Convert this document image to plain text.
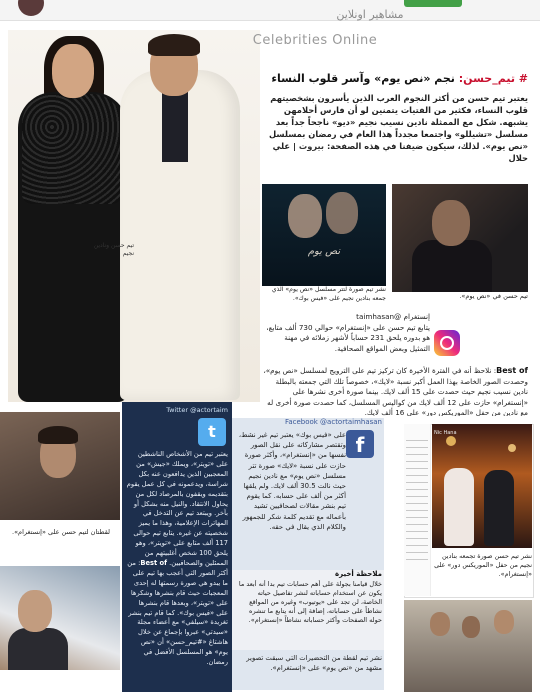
تيم حسن ونادين نجيم
مشاهير اونلاين
Celebrities Online
# تيم_حسن: نجم «نص يوم» وآسر قلوب النساء
يعتبر تيم حسن من أكثر النجوم العرب الذين يأسرون بشخصيتهم قلوب النساء، فكثير من الفتيات يتمنين لو أن فارس أحلامهن يشبهه. شكل مع الممثلة نادين نسيب نجيم «ديو» ناجحاً جداً بعد مسلسل «تشيللو» واجتمعا مجدداً هذا العام في رمضان بمسلسل «نص يوم». لذلك، سيكون ضيفنا في هذه الصفحة: بيروت | علي حلال
نص يوم
تيم حسن في «نص يوم».
نشر تيم صورة لتتر مسلسل «نص يوم» الذي جمعه بنادين نجيم على «فيس بوك».
إنستغرام @taimhasan
يتابع تيم حسن على «إنستغرام» حوالي 730 ألف متابع، هو بدوره يلحق 231 حساباً لأشهر زملائه في مهنة التمثيل وبعض المواقع الصحافية.
Best of: نلاحظ أنه في الفترة الأخيرة كان تركيز تيم على الترويج لمسلسل «نص يوم»، وحصدت الصور الخاصة بهذا العمل أكبر نسبة «لايك»، خصوصاً تلك التي جمعته بالبطلة نادين نسيب نجيم حيث حصدت على 15 ألف لايك. بينما صورة أخرى نشرها على «إنستغرام» حازت على 12 ألف لايك من كواليس المسلسل، كما حصدت صورة أخرى له مع نادين من حفل «الموريكس دور» على 16 ألف لايك.
Facebook @actortaimhasan
f
على «فيس بوك» يعتبر تيم غير نشط، وتقتصر مشاركاته على نقل الصور نفسها من «إنستغرام»، وأكثر صورة حازت على نسبة «لايك» صورة تتر مسلسل «نص يوم» مع نادين نجيم حيث نالت 30.5 ألف لايك. ولم يلقها أكثر من ألف على حسابه. كما يقوم تيم بنشر مقالات لصحافيين تشيد بأعماله مع تقديم كلمة شكر للجمهور والكلام الذي يقال في حقه.
ملاحظة أخيرة
خلال قيامنا بجولة على أهم حسابات تيم بدا أنه أبعد ما يكون عن استخدام حساباته لنشر تفاصيل حياته الخاصة، لن تجد على «يوتيوب» وغيره من المواقع نشاطاً على حساباته، إضافة إلى أنه يتابع ما تنشره حوله الصفحات وأكثر حساباته نشاطاً «إنستغرام».
نشر تيم لقطة من التحضيرات التي سبقت تصوير مشهد من «نص يوم» على «إنستغرام».
Twitter @actortaim
t
يعتبر تيم من الأشخاص الناشطين على «تويتر»، ويملك «جيش» من المعجبين الذين يدافعون عنه بكل شراسة، ويدعمونه في كل عمل يقوم بتقديمه ويقفون بالمرصاد لكل من يحاول الانتقاد. والنيل منه بشكل أو بآخر. ويبتعد تيم عن التدخل في المهاترات الإعلامية، وهذا ما يميز شخصيته عن غيره. يتابع تيم حوالى 117 ألف متابع على «تويتر»، وهو يلحق 100 شخص أغلبيتهم من الممثلين والصحافيين. Best of: من أكثر الصور التي أعجب بها تيم على ما يبدو هي صورة رسمتها له إحدى المعجبات حيث قام بنشرها وشكرها على «تويتر»، وبعدها قام بنشرها على «فيس بوك». كما قام تيم بنشر تغريدة «سيلفي» مع أعضاء مجلة «سيدتي» عبروا بإجماع عن خلال هاشتاغ «#تيم_حسن» أن «نص يوم» هو المسلسل الأفضل في رمضان.
لقطتان لتيم حسن على «إنستغرام».
Nic Hana
نشر تيم حسن صورة تجمعه بنادين نجيم من حفل «الموريكس دور» على «إنستغرام».
